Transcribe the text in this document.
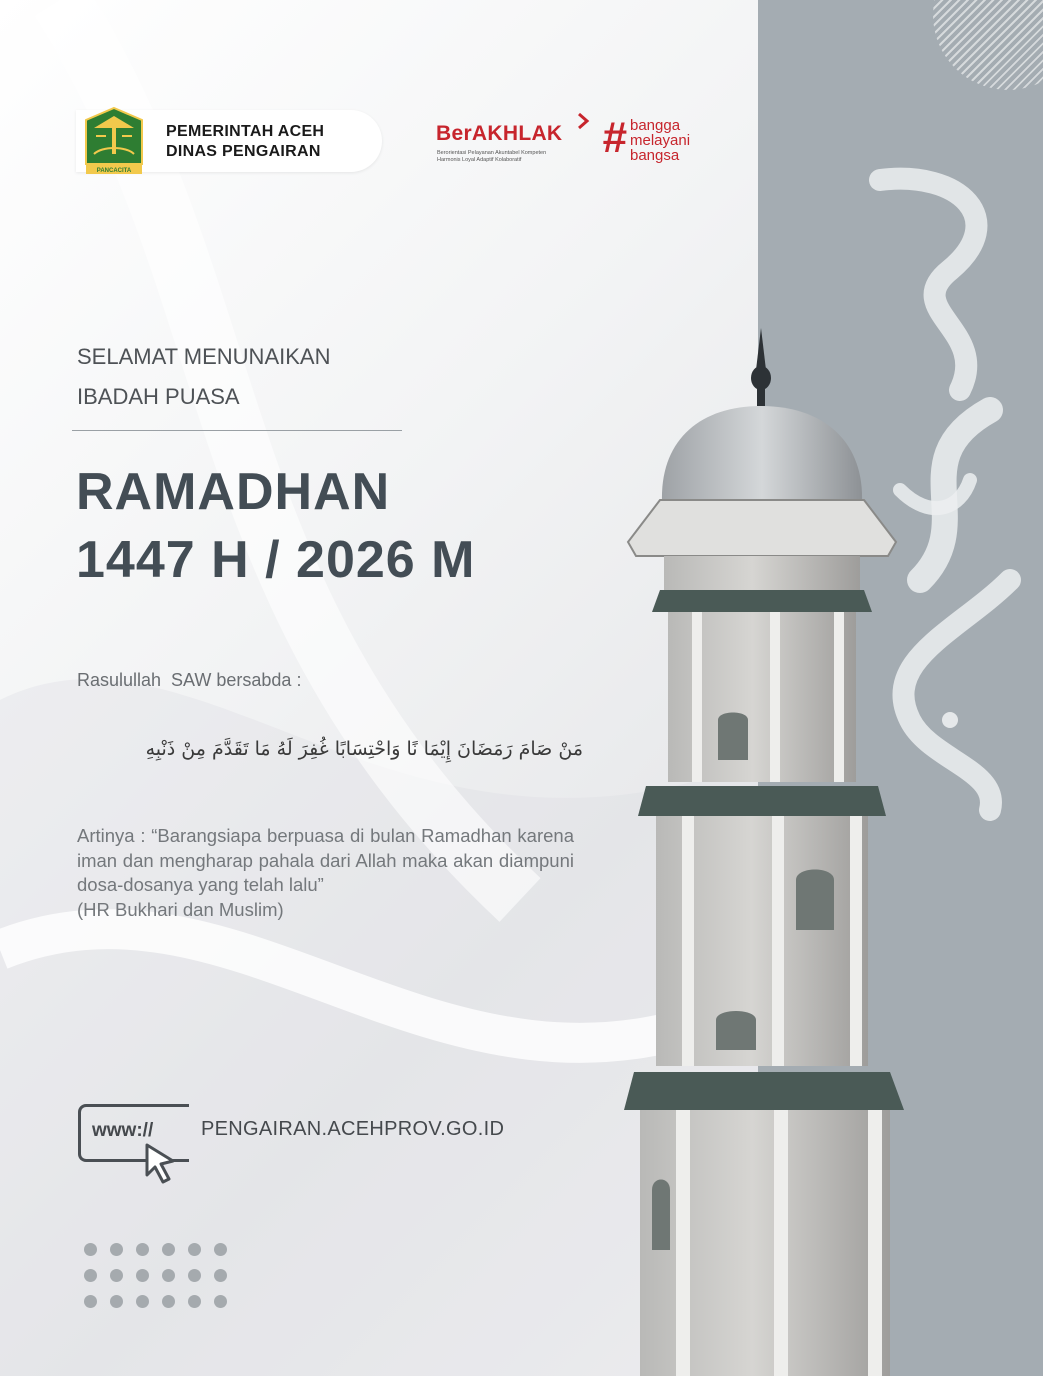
PANCACITA
PEMERINTAH ACEH
DINAS PENGAIRAN
BerAKHLAK
Berorientasi Pelayanan Akuntabel Kompeten
Harmonis Loyal Adaptif Kolaboratif	# bangga
melayani
bangsa
SELAMAT MENUNAIKAN
IBADAH PUASA
RAMADHAN
1447 H / 2026 M
Rasulullah  SAW bersabda :
مَنْ صَامَ رَمَضَانَ إِيْمَا نًا وَاحْتِسَابًا غُفِرَ لَهُ مَا تَقَدَّمَ مِنْ ذَنْبِهِ
Artinya : “Barangsiapa berpuasa di bulan Ramadhan karena iman dan mengharap pahala dari Allah maka akan diampuni dosa-dosanya yang telah lalu”
(HR Bukhari dan Muslim)
www:// PENGAIRAN.ACEHPROV.GO.ID
